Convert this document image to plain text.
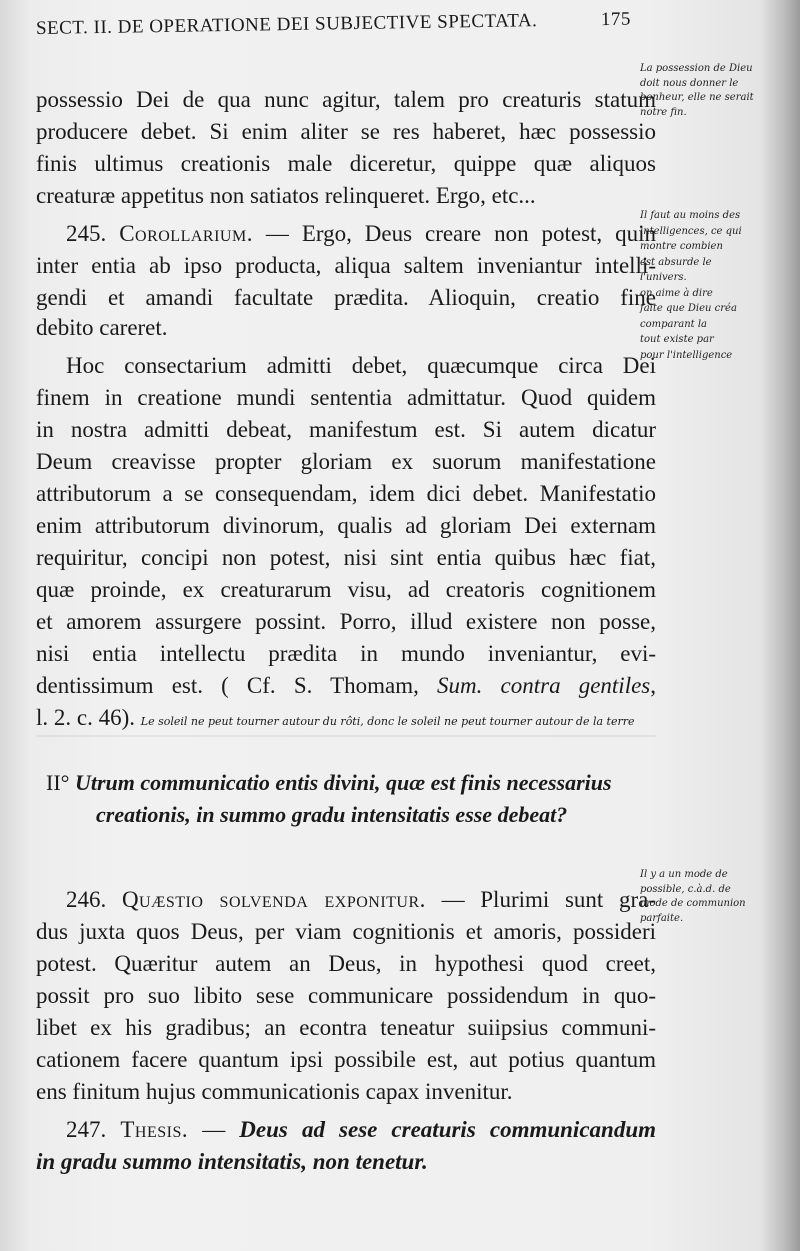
SECT. II. DE OPERATIONE DEI SUBJECTIVE SPECTATA.	175
possessio Dei de qua nunc agitur, talem pro creaturis statum
producere debet. Si enim aliter se res haberet, hæc possessio
finis ultimus creationis male diceretur, quippe quæ aliquos
creaturæ appetitus non satiatos relinqueret. Ergo, etc...
245. Corollarium. — Ergo, Deus creare non potest, quin
inter entia ab ipso producta, aliqua saltem inveniantur intelli-
gendi et amandi facultate prædita. Alioquin, creatio fine
debito careret.
Hoc consectarium admitti debet, quæcumque circa Dei
finem in creatione mundi sententia admittatur. Quod quidem
in nostra admitti debeat, manifestum est. Si autem dicatur
Deum creavisse propter gloriam ex suorum manifestatione
attributorum a se consequendam, idem dici debet. Manifestatio
enim attributorum divinorum, qualis ad gloriam Dei externam
requiritur, concipi non potest, nisi sint entia quibus hæc fiat,
quæ proinde, ex creaturarum visu, ad creatoris cognitionem
et amorem assurgere possint. Porro, illud existere non posse,
nisi entia intellectu prædita in mundo inveniantur, evi-
dentissimum est. ( Cf. S. Thomam, Sum. contra gentiles,
l. 2. c. 46). Le soleil ne peut tourner autour du rôti, donc le soleil ne peut tourner autour de la terre
II° Utrum communicatio entis divini, quæ est finis necessarius
creationis, in summo gradu intensitatis esse debeat?
246. Quæstio solvenda exponitur. — Plurimi sunt gra-
dus juxta quos Deus, per viam cognitionis et amoris, possideri
potest. Quæritur autem an Deus, in hypothesi quod creet,
possit pro suo libito sese communicare possidendum in quo-
libet ex his gradibus; an econtra teneatur suiipsius communi-
cationem facere quantum ipsi possibile est, aut potius quantum
ens finitum hujus communicationis capax invenitur.
247. Thesis. — Deus ad sese creaturis communicandum
in gradu summo intensitatis, non tenetur.
La possession de Dieu
doit nous donner le
bonheur, elle ne serait
notre fin.
Il faut au moins des
intelligences, ce qui
montre combien
est absurde le
l'univers.
on aime à dire
faite que Dieu créa
comparant la
tout existe par
pour l'intelligence
Il y a un mode de
possible, c.à.d. de
mode de communion
parfaite.
